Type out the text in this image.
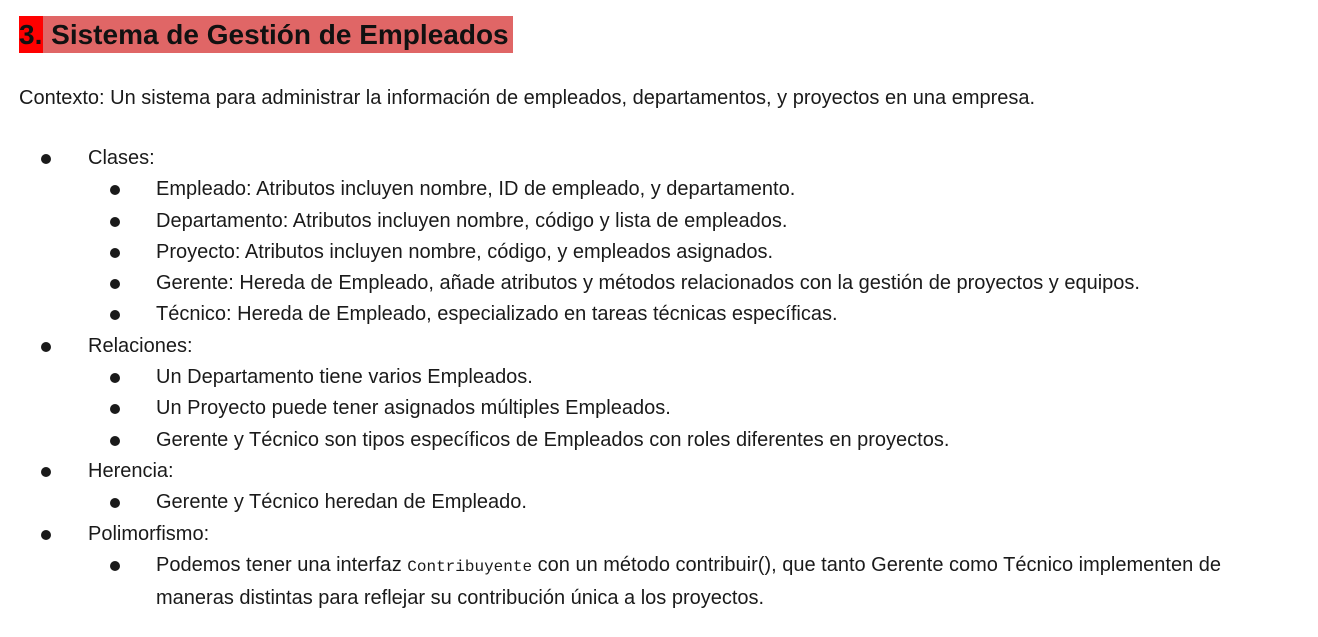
3. Sistema de Gestión de Empleados

Contexto: Un sistema para administrar la información de empleados, departamentos, y proyectos en una empresa.

Clases:
Empleado: Atributos incluyen nombre, ID de empleado, y departamento.
Departamento: Atributos incluyen nombre, código y lista de empleados.
Proyecto: Atributos incluyen nombre, código, y empleados asignados.
Gerente: Hereda de Empleado, añade atributos y métodos relacionados con la gestión de proyectos y equipos.
Técnico: Hereda de Empleado, especializado en tareas técnicas específicas.
Relaciones:
Un Departamento tiene varios Empleados.
Un Proyecto puede tener asignados múltiples Empleados.
Gerente y Técnico son tipos específicos de Empleados con roles diferentes en proyectos.
Herencia:
Gerente y Técnico heredan de Empleado.
Polimorfismo:
Podemos tener una interfaz Contribuyente con un método contribuir(), que tanto Gerente como Técnico implementen de maneras distintas para reflejar su contribución única a los proyectos.
